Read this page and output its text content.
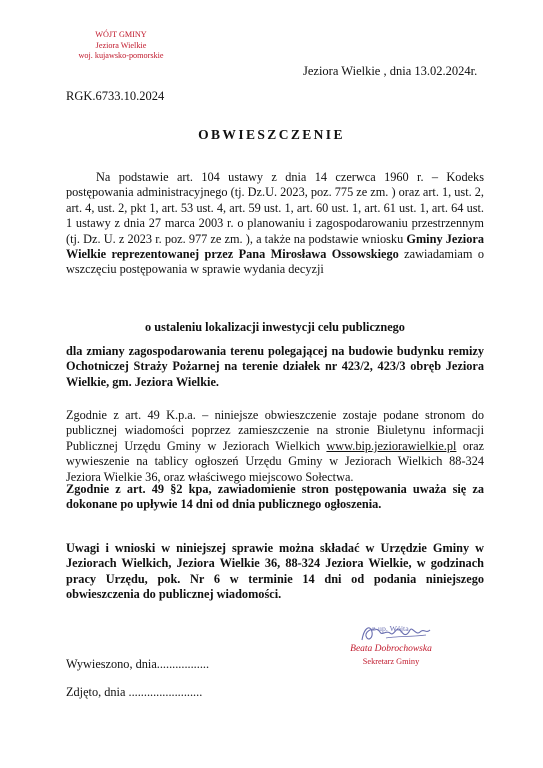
WÓJT GMINY
Jeziora Wielkie
woj. kujawsko-pomorskie
Jeziora Wielkie , dnia 13.02.2024r.
RGK.6733.10.2024
OBWIESZCZENIE
Na podstawie art. 104 ustawy z dnia 14 czerwca 1960 r. – Kodeks postępowania administracyjnego (tj. Dz.U. 2023, poz. 775 ze zm. ) oraz art. 1, ust. 2, art. 4, ust. 2, pkt 1, art. 53 ust. 4, art. 59 ust. 1, art. 60 ust. 1, art. 61 ust. 1, art. 64 ust. 1 ustawy z dnia 27 marca 2003 r. o planowaniu i zagospodarowaniu przestrzennym (tj. Dz. U. z 2023 r. poz. 977 ze zm. ), a także na podstawie wniosku Gminy Jeziora Wielkie reprezentowanej przez Pana Mirosława Ossowskiego zawiadamiam o wszczęciu postępowania w sprawie wydania decyzji
o ustaleniu lokalizacji inwestycji celu publicznego
dla zmiany zagospodarowania terenu polegającej na budowie budynku remizy Ochotniczej Straży Pożarnej na terenie działek nr 423/2, 423/3 obręb Jeziora Wielkie, gm. Jeziora Wielkie.
Zgodnie z art. 49 K.p.a. – niniejsze obwieszczenie zostaje podane stronom do publicznej wiadomości poprzez zamieszczenie na stronie Biuletynu informacji Publicznej Urzędu Gminy w Jeziorach Wielkich www.bip.jeziorawielkie.pl oraz wywieszenie na tablicy ogłoszeń Urzędu Gminy w Jeziorach Wielkich 88-324 Jeziora Wielkie 36, oraz właściwego miejscowo Sołectwa.
Zgodnie z art. 49 §2 kpa, zawiadomienie stron postępowania uważa się za dokonane po upływie 14 dni od dnia publicznego ogłoszenia.
Uwagi i wnioski w niniejszej sprawie można składać w Urzędzie Gminy w Jeziorach Wielkich, Jeziora Wielkie 36, 88-324 Jeziora Wielkie, w godzinach pracy Urzędu, pok. Nr 6 w terminie 14 dni od podania niniejszego obwieszczenia do publicznej wiadomości.
Wywieszono, dnia.................
Zdjęto, dnia ........................
z-up. Wójta
Beata Dobrochowska
Sekretarz Gminy
